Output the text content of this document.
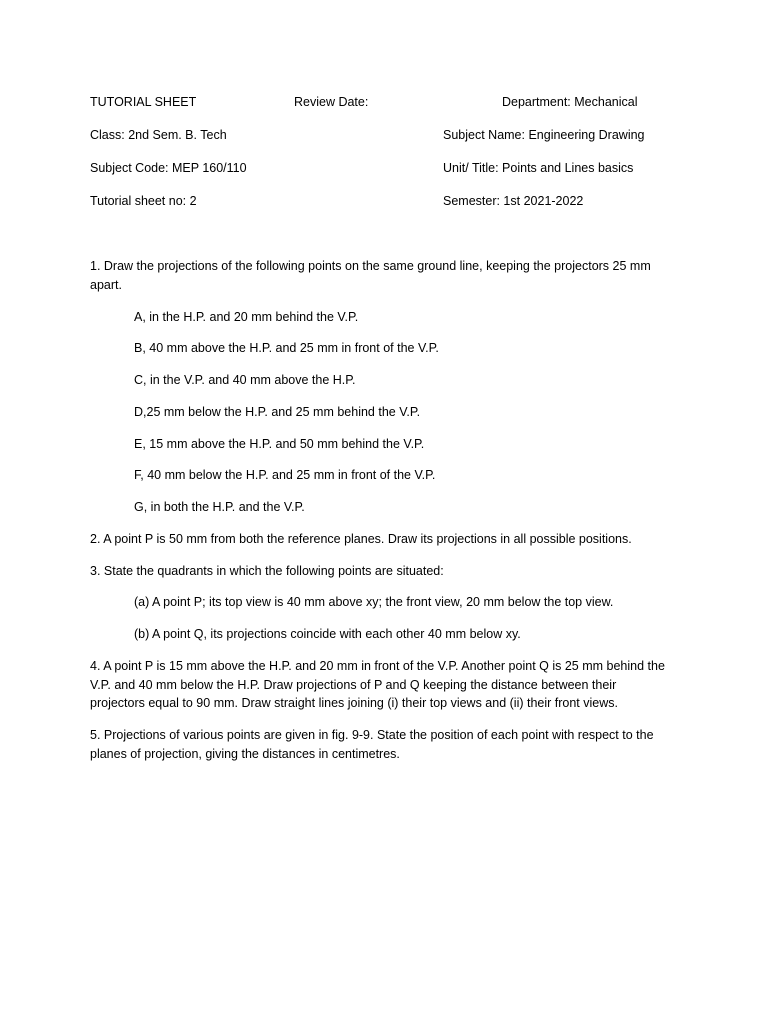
TUTORIAL SHEET	Review Date:	Department: Mechanical
Class: 2nd Sem. B. Tech	Subject Name: Engineering Drawing
Subject Code: MEP 160/110	Unit/ Title: Points and Lines basics
Tutorial sheet no: 2	Semester: 1st 2021-2022

1. Draw the projections of the following points on the same ground line, keeping the projectors 25 mm apart.

A, in the H.P. and 20 mm behind the V.P.

B, 40 mm above the H.P. and 25 mm in front of the V.P.

C, in the V.P. and 40 mm above the H.P.

D,25 mm below the H.P. and 25 mm behind the V.P.

E, 15 mm above the H.P. and 50 mm behind the V.P.

F, 40 mm below the H.P. and 25 mm in front of the V.P.

G, in both the H.P. and the V.P.

2. A point P is 50 mm from both the reference planes. Draw its projections in all possible positions.

3. State the quadrants in which the following points are situated:

(a) A point P; its top view is 40 mm above xy; the front view, 20 mm below the top view.

(b) A point Q, its projections coincide with each other 40 mm below xy.

4. A point P is 15 mm above the H.P. and 20 mm in front of the V.P. Another point Q is 25 mm behind the V.P. and 40 mm below the H.P. Draw projections of P and Q keeping the distance between their projectors equal to 90 mm. Draw straight lines joining (i) their top views and (ii) their front views.

5. Projections of various points are given in fig. 9-9. State the position of each point with respect to the planes of projection, giving the distances in centimetres.
